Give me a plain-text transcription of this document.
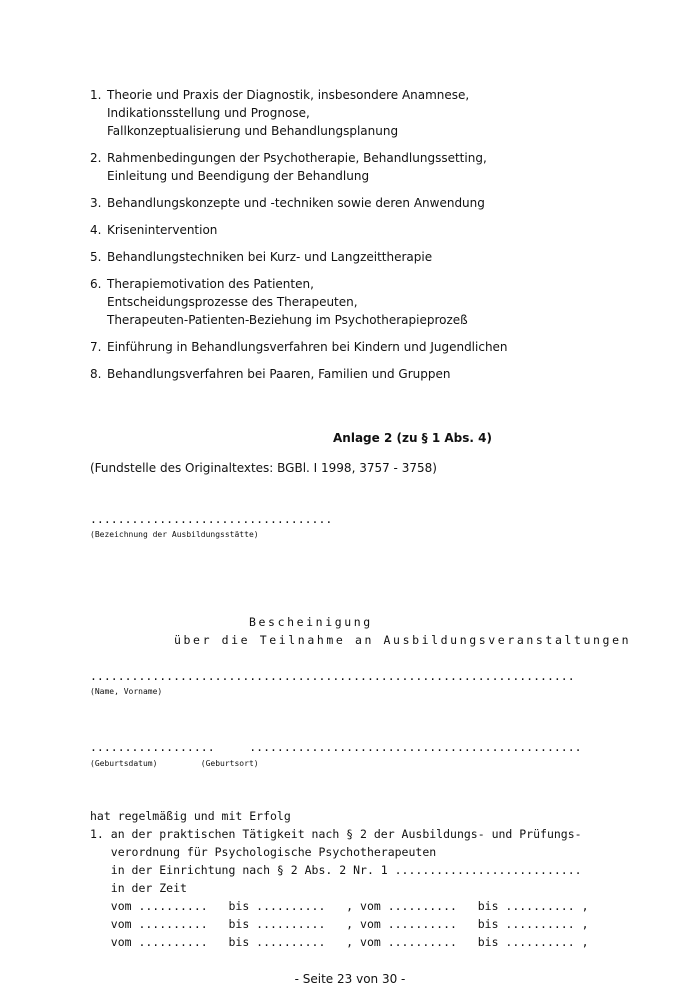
1. Theorie und Praxis der Diagnostik, insbesondere Anamnese,
Indikationsstellung und Prognose,
Fallkonzeptualisierung und Behandlungsplanung
2. Rahmenbedingungen der Psychotherapie, Behandlungssetting,
Einleitung und Beendigung der Behandlung
3. Behandlungskonzepte und -techniken sowie deren Anwendung
4. Krisenintervention
5. Behandlungstechniken bei Kurz- und Langzeittherapie
6. Therapiemotivation des Patienten,
Entscheidungsprozesse des Therapeuten,
Therapeuten-Patienten-Beziehung im Psychotherapieprozeß
7. Einführung in Behandlungsverfahren bei Kindern und Jugendlichen
8. Behandlungsverfahren bei Paaren, Familien und Gruppen
Anlage 2 (zu § 1 Abs. 4)
(Fundstelle des Originaltextes: BGBl. I 1998, 3757 - 3758)
...................................
(Bezeichnung der Ausbildungsstätte)
Bescheinigung
über die Teilnahme an Ausbildungsveranstaltungen
......................................................................
(Name, Vorname)
..................     ................................................
(Geburtsdatum)         (Geburtsort)
hat regelmäßig und mit Erfolg
1. an der praktischen Tätigkeit nach § 2 der Ausbildungs- und Prüfungs-
verordnung für Psychologische Psychotherapeuten
in der Einrichtung nach § 2 Abs. 2 Nr. 1 ...........................
in der Zeit
vom ..........   bis ..........   , vom ..........   bis .......... ,
vom ..........   bis ..........   , vom ..........   bis .......... ,
vom ..........   bis ..........   , vom ..........   bis .......... ,
- Seite 23 von 30 -
